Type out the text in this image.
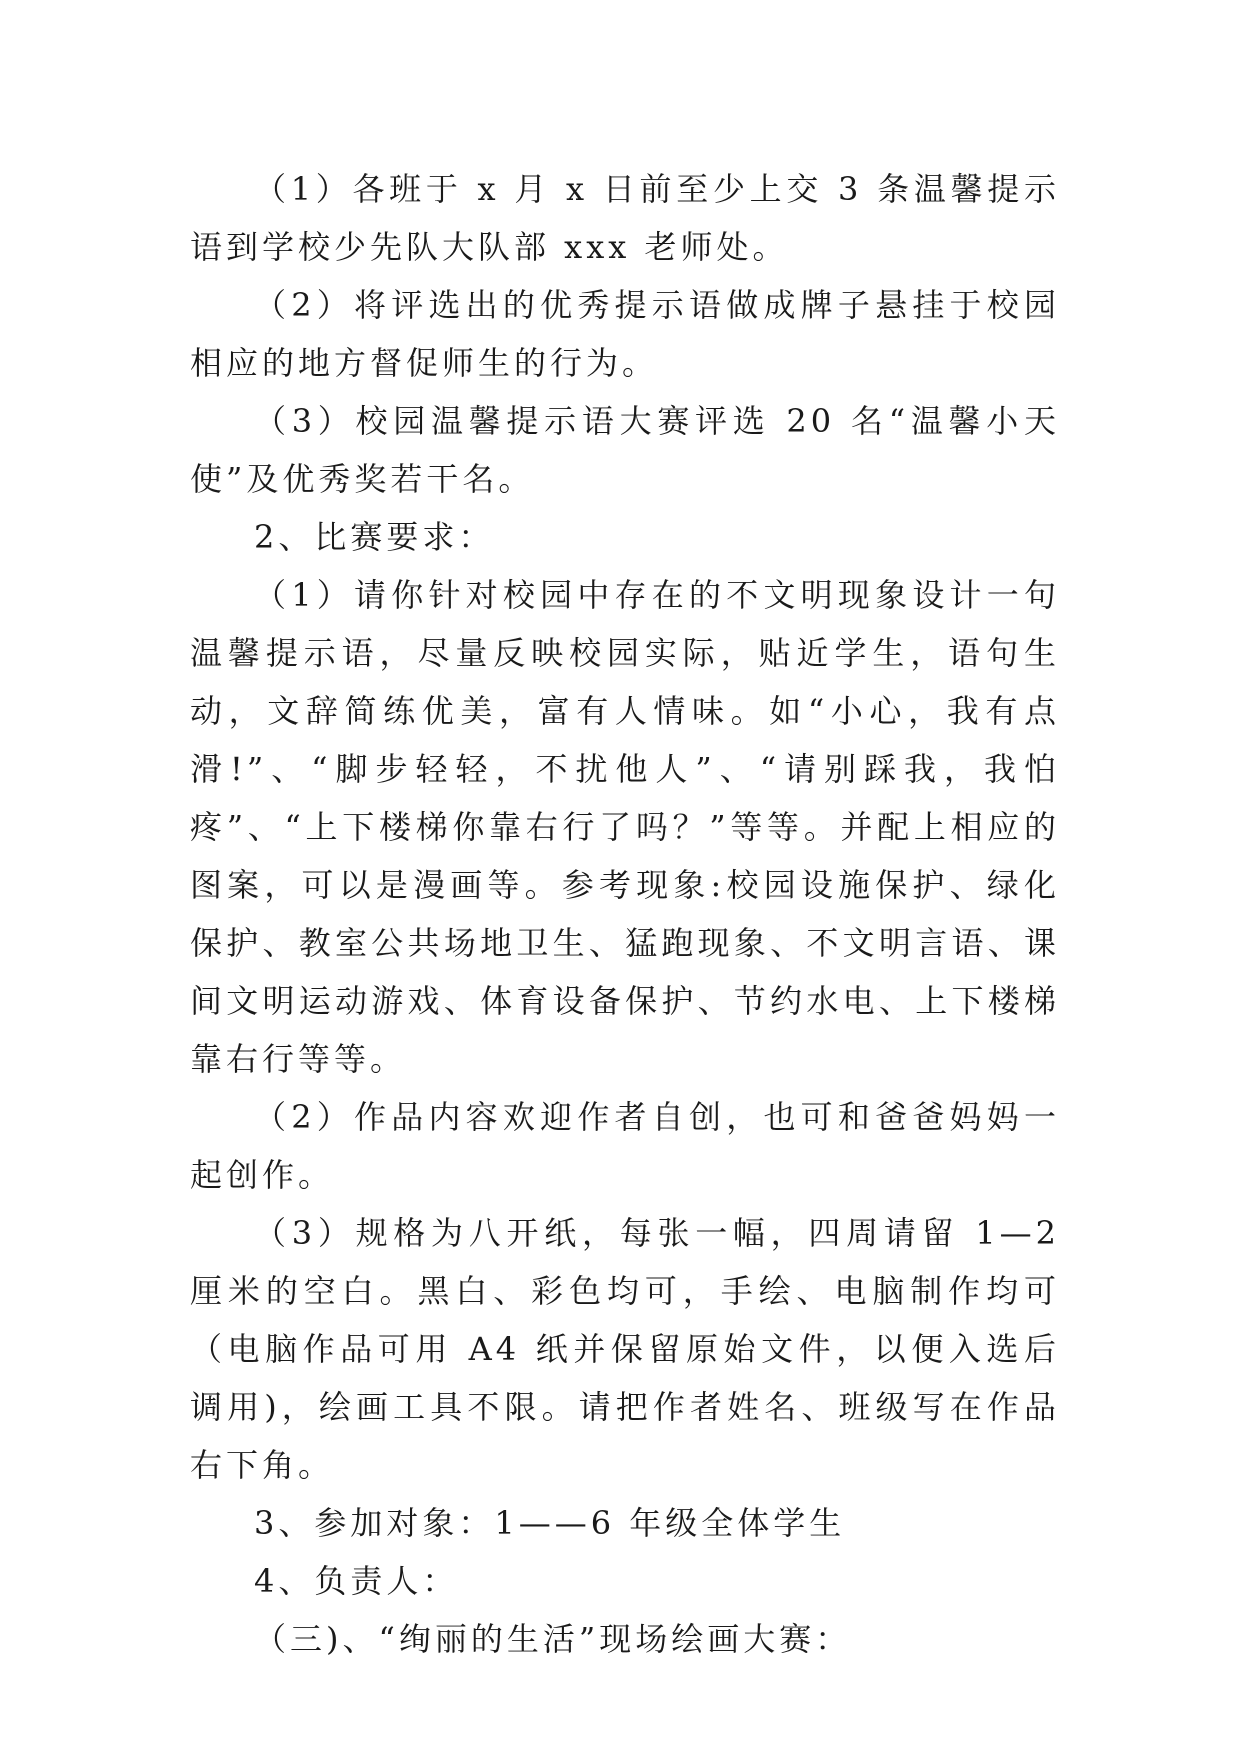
（1）各班于 x 月 x 日前至少上交 3 条温馨提示语到学校少先队大队部 xxx 老师处。

（2）将评选出的优秀提示语做成牌子悬挂于校园相应的地方督促师生的行为。

（3）校园温馨提示语大赛评选 20 名“温馨小天使”及优秀奖若干名。

2、比赛要求：

（1）请你针对校园中存在的不文明现象设计一句温馨提示语，尽量反映校园实际，贴近学生，语句生动，文辞简练优美，富有人情味。如“小心，我有点滑!”、“脚步轻轻，不扰他人”、“请别踩我，我怕疼”、“上下楼梯你靠右行了吗？”等等。并配上相应的图案，可以是漫画等。参考现象:校园设施保护、绿化保护、教室公共场地卫生、猛跑现象、不文明言语、课间文明运动游戏、体育设备保护、节约水电、上下楼梯靠右行等等。

（2）作品内容欢迎作者自创，也可和爸爸妈妈一起创作。

（3）规格为八开纸，每张一幅，四周请留 1—2 厘米的空白。黑白、彩色均可，手绘、电脑制作均可（电脑作品可用 A4 纸并保留原始文件，以便入选后调用)，绘画工具不限。请把作者姓名、班级写在作品右下角。

3、参加对象：1——6 年级全体学生

4、负责人：

（三)、“绚丽的生活”现场绘画大赛：
